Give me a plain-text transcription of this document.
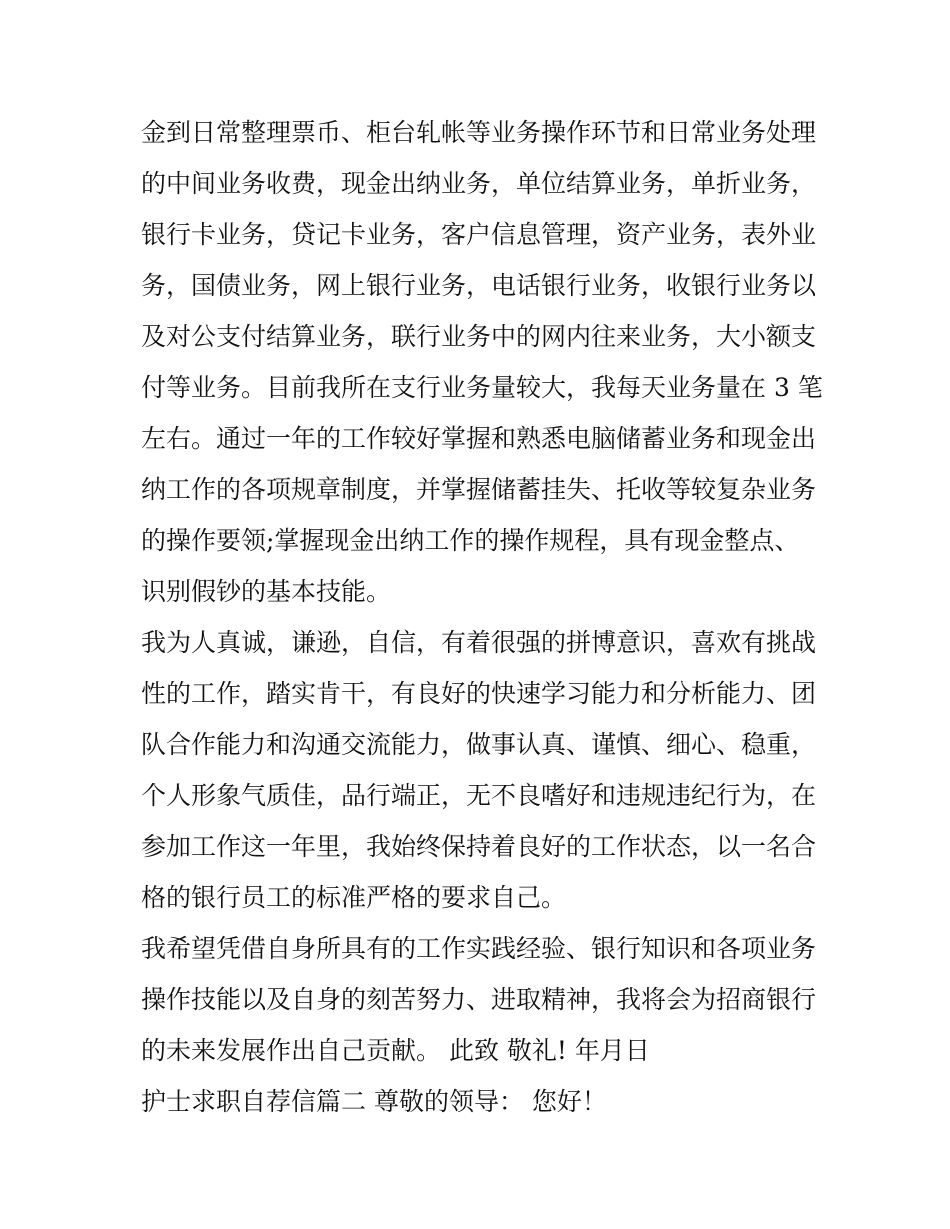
金到日常整理票币、柜台轧帐等业务操作环节和日常业务处理
的中间业务收费，现金出纳业务，单位结算业务，单折业务，
银行卡业务，贷记卡业务，客户信息管理，资产业务，表外业
务，国债业务，网上银行业务，电话银行业务，收银行业务以
及对公支付结算业务，联行业务中的网内往来业务，大小额支
付等业务。目前我所在支行业务量较大，我每天业务量在 3 笔
左右。通过一年的工作较好掌握和熟悉电脑储蓄业务和现金出
纳工作的各项规章制度，并掌握储蓄挂失、托收等较复杂业务
的操作要领;掌握现金出纳工作的操作规程，具有现金整点、
识别假钞的基本技能。
我为人真诚，谦逊，自信，有着很强的拼博意识，喜欢有挑战
性的工作，踏实肯干，有良好的快速学习能力和分析能力、团
队合作能力和沟通交流能力，做事认真、谨慎、细心、稳重，
个人形象气质佳，品行端正，无不良嗜好和违规违纪行为，在
参加工作这一年里，我始终保持着良好的工作状态，以一名合
格的银行员工的标准严格的要求自己。
我希望凭借自身所具有的工作实践经验、银行知识和各项业务
操作技能以及自身的刻苦努力、进取精神，我将会为招商银行
的未来发展作出自己贡献。 此致 敬礼! 年月日
护士求职自荐信篇二 尊敬的领导： 您好！
